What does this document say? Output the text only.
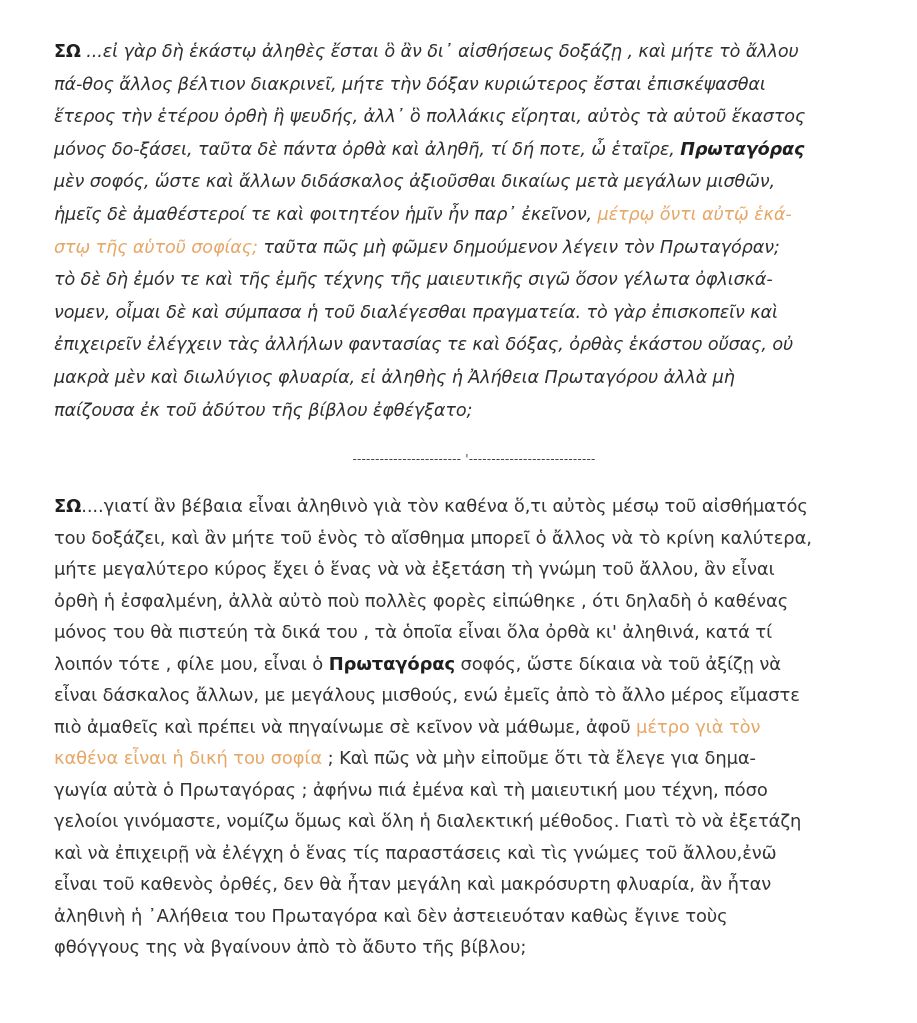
ΣΩ ...εἰ γὰρ δὴ ἑκάστῳ ἀληθὲς ἔσται ὃ ἂν δι᾽ αἰσθήσεως δοξάζῃ , καὶ μήτε τὸ ἄλλου
πά-θος ἄλλος βέλτιον διακρινεῖ, μήτε τὴν δόξαν κυριώτερος ἔσται ἐπισκέψασθαι
ἕτερος τὴν ἑτέρου ὀρθὴ ἢ ψευδής, ἀλλ᾽ ὃ πολλάκις εἴρηται, αὐτὸς τὰ αὑτοῦ ἕκαστος
μόνος δο-ξάσει, ταῦτα δὲ πάντα ὀρθὰ καὶ ἀληθῆ, τί δή ποτε, ὦ ἑταῖρε, Πρωταγόρας
μὲν σοφός, ὥστε καὶ ἄλλων διδάσκαλος ἀξιοῦσθαι δικαίως μετὰ μεγάλων μισθῶν,
ἡμεῖς δὲ ἀμαθέστεροί τε καὶ φοιτητέον ἡμῖν ἦν παρ᾽ ἐκεῖνον, μέτρῳ ὄντι αὐτῷ ἑκά-
στῳ τῆς αὑτοῦ σοφίας; ταῦτα πῶς μὴ φῶμεν δημούμενον λέγειν τὸν Πρωταγόραν;
τὸ δὲ δὴ ἐμόν τε καὶ τῆς ἐμῆς τέχνης τῆς μαιευτικῆς σιγῶ ὅσον γέλωτα ὀφλισκά-
νομεν, οἶμαι δὲ καὶ σύμπασα ἡ τοῦ διαλέγεσθαι πραγματεία. τὸ γὰρ ἐπισκοπεῖν καὶ
ἐπιχειρεῖν ἐλέγχειν τὰς ἀλλήλων φαντασίας τε καὶ δόξας, ὀρθὰς ἑκάστου οὔσας, οὐ
μακρὰ μὲν καὶ διωλύγιος φλυαρία, εἰ ἀληθὴς ἡ Ἀλήθεια Πρωταγόρου ἀλλὰ μὴ
παίζουσα ἐκ τοῦ ἀδύτου τῆς βίβλου ἐφθέγξατο;

------------------------ '----------------------------

ΣΩ....γιατί ἂν βέβαια εἶναι ἀληθινὸ γιὰ τὸν καθένα ὅ,τι αὐτὸς μέσῳ τοῦ αἰσθήματός
του δοξάζει, καὶ ἂν μήτε τοῦ ἑνὸς τὸ αἴσθημα μπορεῖ ὁ ἄλλος νὰ τὸ κρίνη καλύτερα,
μήτε μεγαλύτερο κύρος ἔχει ὁ ἕνας νὰ νὰ ἐξετάση τὴ γνώμη τοῦ ἄλλου, ἂν εἶναι
ὀρθὴ ἡ ἐσφαλμένη, ἀλλὰ αὐτὸ ποὺ πολλὲς φορὲς εἰπώθηκε , ότι δηλαδὴ ὁ καθένας
μόνος του θὰ πιστεύη τὰ δικά του , τὰ ὁποῖα εἶναι ὅλα ὀρθὰ κι' ἀληθινά, κατά τί
λοιπόν τότε , φίλε μου, εἶναι ὁ Πρωταγόρας σοφός, ὥστε δίκαια νὰ τοῦ ἀξίζῃ νὰ
εἶναι δάσκαλος ἄλλων, με μεγάλους μισθούς, ενώ ἐμεῖς ἀπὸ τὸ ἄλλο μέρος εἴμαστε
πιὸ ἀμαθεῖς καὶ πρέπει νὰ πηγαίνωμε σὲ κεῖνον νὰ μάθωμε, ἀφοῦ μέτρο γιὰ τὸν
καθένα εἶναι ἡ δική του σοφία ; Καὶ πῶς νὰ μὴν εἰποῦμε ὅτι τὰ ἔλεγε για δημα-
γωγία αὐτὰ ὁ Πρωταγόρας ; ἀφήνω πιά ἐμένα καὶ τὴ μαιευτική μου τέχνη, πόσο
γελοίοι γινόμαστε, νομίζω ὅμως καὶ ὅλη ἡ διαλεκτική μέθοδος. Γιατὶ τὸ νὰ ἐξετάζη
καὶ νὰ ἐπιχειρῇ νὰ ἐλέγχη ὁ ἕνας τίς παραστάσεις καὶ τὶς γνώμες τοῦ ἄλλου,ἐνῶ
εἶναι τοῦ καθενὸς ὀρθές, δεν θὰ ἦταν μεγάλη καὶ μακρόσυρτη φλυαρία, ἂν ἦταν
ἀληθινὴ ἡ ᾽Αλήθεια του Πρωταγόρα καὶ δὲν ἀστειευόταν καθὼς ἔγινε τοὺς
φθόγγους της νὰ βγαίνουν ἀπὸ τὸ ἄδυτο τῆς βίβλου;
